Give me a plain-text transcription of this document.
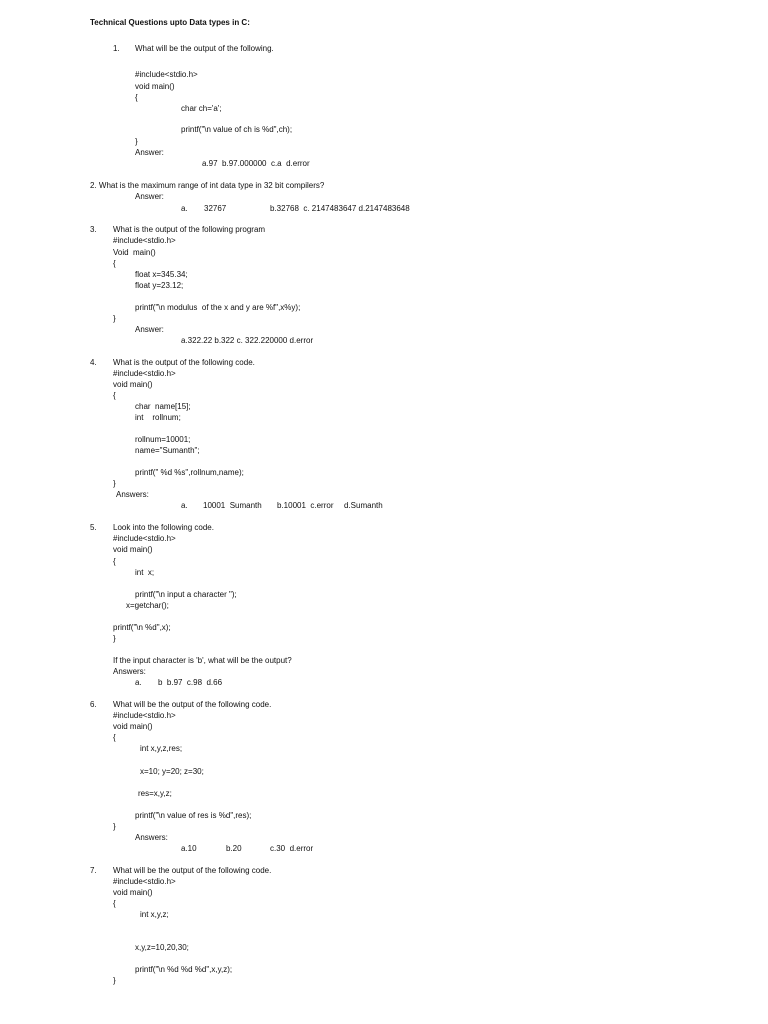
Technical Questions upto Data types in C:
1. What will be the output of the following.
#include<stdio.h>
void main()
{
char ch='a';
printf("\n value of ch is %d",ch);
}
Answer:
a.97  b.97.000000  c.a  d.error
2. What is the maximum range of int data type in 32 bit compilers?
Answer:
a. 32767	b.32768  c. 2147483647 d.2147483648
3. What is the output of the following program
#include<stdio.h>
Void  main()
{
float x=345.34;
float y=23.12;
printf("\n modulus  of the x and y are %f",x%y);
}
Answer:
a.322.22 b.322 c. 322.220000 d.error
4. What is the output of the following code.
#include<stdio.h>
void main()
{
char  name[15];
int    rollnum;
rollnum=10001;
name="Sumanth";
printf(" %d %s",rollnum,name);
}
Answers:
a. 10001  Sumanth b.10001  c.error d.Sumanth
5. Look into the following code.
#include<stdio.h>
void main()
{
int  x;
printf("\n input a character ");
x=getchar();
printf("\n %d",x);
}
If the input character is 'b', what will be the output?
Answers:
a. b  b.97  c.98  d.66
6. What will be the output of the following code.
#include<stdio.h>
void main()
{
int x,y,z,res;
x=10; y=20; z=30;
res=x,y,z;
printf("\n value of res is %d",res);
}
Answers:
a.10	b.20	c.30  d.error
7. What will be the output of the following code.
#include<stdio.h>
void main()
{
int x,y,z;
x,y,z=10,20,30;
printf("\n %d %d %d",x,y,z);
}
